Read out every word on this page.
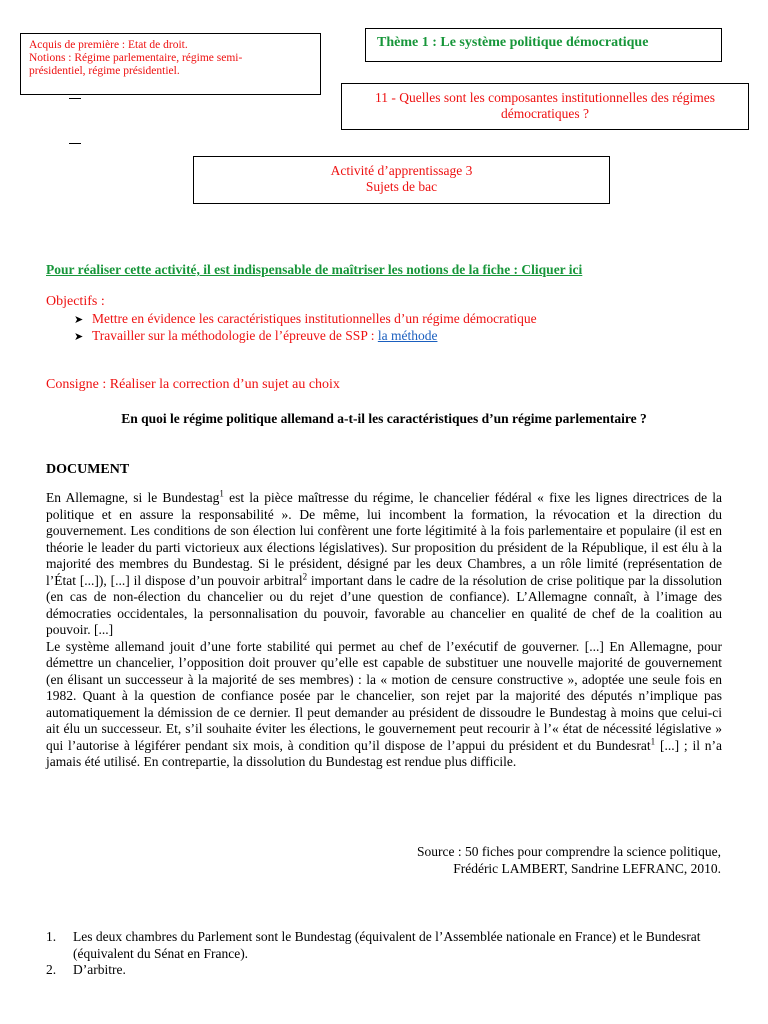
Acquis de première : Etat de droit.
Notions : Régime parlementaire, régime semi-
présidentiel, régime présidentiel.
Thème 1 : Le système politique démocratique
11 - Quelles sont les composantes institutionnelles des régimes
démocratiques ?
Activité d’apprentissage 3
Sujets de bac
Pour réaliser cette activité, il est indispensable de maîtriser les notions de la fiche : Cliquer ici
Objectifs :
➤ Mettre en évidence les caractéristiques institutionnelles d’un régime démocratique
➤ Travailler sur la méthodologie de l’épreuve de SSP : la méthode
Consigne : Réaliser la correction d’un sujet au choix
En quoi le régime politique allemand a-t-il les caractéristiques d’un régime parlementaire ?
DOCUMENT

En Allemagne, si le Bundestag$^1$ est la pièce maîtresse du régime, le chancelier fédéral « fixe les lignes directrices de la politique et en assure la responsabilité ». De même, lui incombent la formation, la révocation et la direction du gouvernement. Les conditions de son élection lui confèrent une forte légitimité à la fois parlementaire et populaire (il est en théorie le leader du parti victorieux aux élections législatives). Sur proposition du président de la République, il est élu à la majorité des membres du Bundestag. Si le président, désigné par les deux Chambres, a un rôle limité (représentation de l’État [...]), [...] il dispose d’un pouvoir arbitral$^2$ important dans le cadre de la résolution de crise politique par la dissolution (en cas de non-élection du chancelier ou du rejet d’une question de confiance). L’Allemagne connaît, à l’image des démocraties occidentales, la personnalisation du pouvoir, favorable au chancelier en qualité de chef de la coalition au pouvoir. [...]

Le système allemand jouit d’une forte stabilité qui permet au chef de l’exécutif de gouverner. [...] En Allemagne, pour démettre un chancelier, l’opposition doit prouver qu’elle est capable de substituer une nouvelle majorité de gouvernement (en élisant un successeur à la majorité de ses membres) : la « motion de censure constructive », adoptée une seule fois en 1982. Quant à la question de confiance posée par le chancelier, son rejet par la majorité des députés n’implique pas automatiquement la démission de ce dernier. Il peut demander au président de dissoudre le Bundestag à moins que celui-ci ait élu un successeur. Et, s’il souhaite éviter les élections, le gouvernement peut recourir à l’« état de nécessité législative » qui l’autorise à légiférer pendant six mois, à condition qu’il dispose de l’appui du président et du Bundesrat$^1$ [...] ; il n’a jamais été utilisé. En contrepartie, la dissolution du Bundestag est rendue plus difficile.

Source : 50 fiches pour comprendre la science politique,
Frédéric LAMBERT, Sandrine LEFRANC, 2010.
1.	Les deux chambres du Parlement sont le Bundestag (équivalent de l’Assemblée nationale en France) et le Bundesrat (équivalent du Sénat en France).
2.	D’arbitre.
